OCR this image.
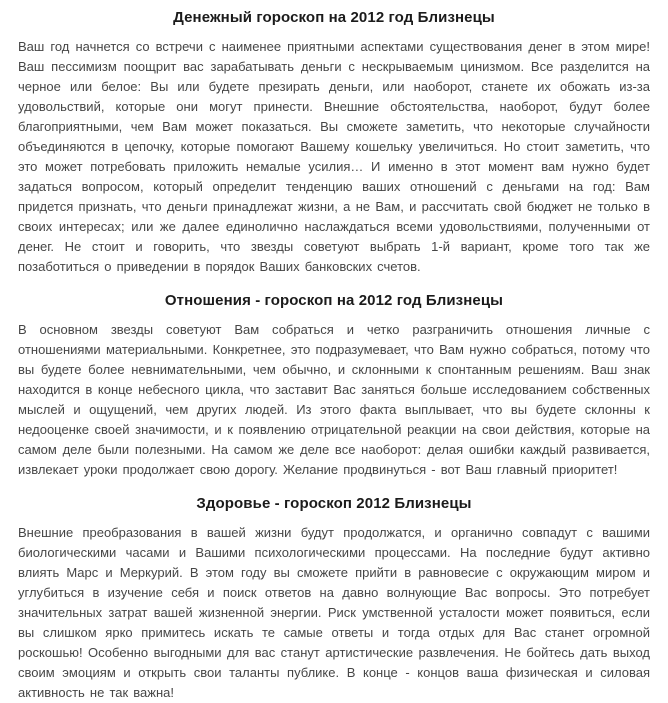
Денежный гороскоп на 2012 год Близнецы

Ваш год начнется со встречи с наименее приятными аспектами существования денег в этом мире! Ваш пессимизм поощрит вас зарабатывать деньги с нескрываемым цинизмом. Все разделится на черное или белое: Вы или будете презирать деньги, или наоборот, станете их обожать из-за удовольствий, которые они могут принести. Внешние обстоятельства, наоборот, будут более благоприятными, чем Вам может показаться. Вы сможете заметить, что некоторые случайности объединяются в цепочку, которые помогают Вашему кошельку увеличиться. Но стоит заметить, что это может потребовать приложить немалые усилия… И именно в этот момент вам нужно будет задаться вопросом, который определит тенденцию ваших отношений с деньгами на год: Вам придется признать, что деньги принадлежат жизни, а не Вам, и рассчитать свой бюджет не только в своих интересах; или же далее единолично наслаждаться всеми удовольствиями, полученными от денег. Не стоит и говорить, что звезды советуют выбрать 1-й вариант, кроме того так же позаботиться о приведении в порядок Ваших банковских счетов.

Отношения - гороскоп на 2012 год Близнецы

В основном звезды советуют Вам собраться и четко разграничить отношения личные с отношениями материальными. Конкретнее, это подразумевает, что Вам нужно собраться, потому что вы будете более невнимательными, чем обычно, и склонными к спонтанным решениям. Ваш знак находится в конце небесного цикла, что заставит Вас заняться больше исследованием собственных мыслей и ощущений, чем других людей. Из этого факта выплывает, что вы будете склонны к недооценке своей значимости, и к появлению отрицательной реакции на свои действия, которые на самом деле были полезными. На самом же деле все наоборот: делая ошибки каждый развивается, извлекает уроки продолжает свою дорогу. Желание продвинуться - вот Ваш главный приоритет!

Здоровье - гороскоп 2012 Близнецы

Внешние преобразования в вашей жизни будут продолжатся, и органично совпадут с вашими биологическими часами и Вашими психологическими процессами. На последние будут активно влиять Марс и Меркурий. В этом году вы сможете прийти в равновесие с окружающим миром и углубиться в изучение себя и поиск ответов на давно волнующие Вас вопросы. Это потребует значительных затрат вашей жизненной энергии. Риск умственной усталости может появиться, если вы слишком ярко примитесь искать те самые ответы и тогда отдых для Вас станет огромной роскошью! Особенно выгодными для вас станут артистические развлечения. Не бойтесь дать выход своим эмоциям и открыть свои таланты публике. В конце - концов ваша физическая и силовая активность не так важна!
